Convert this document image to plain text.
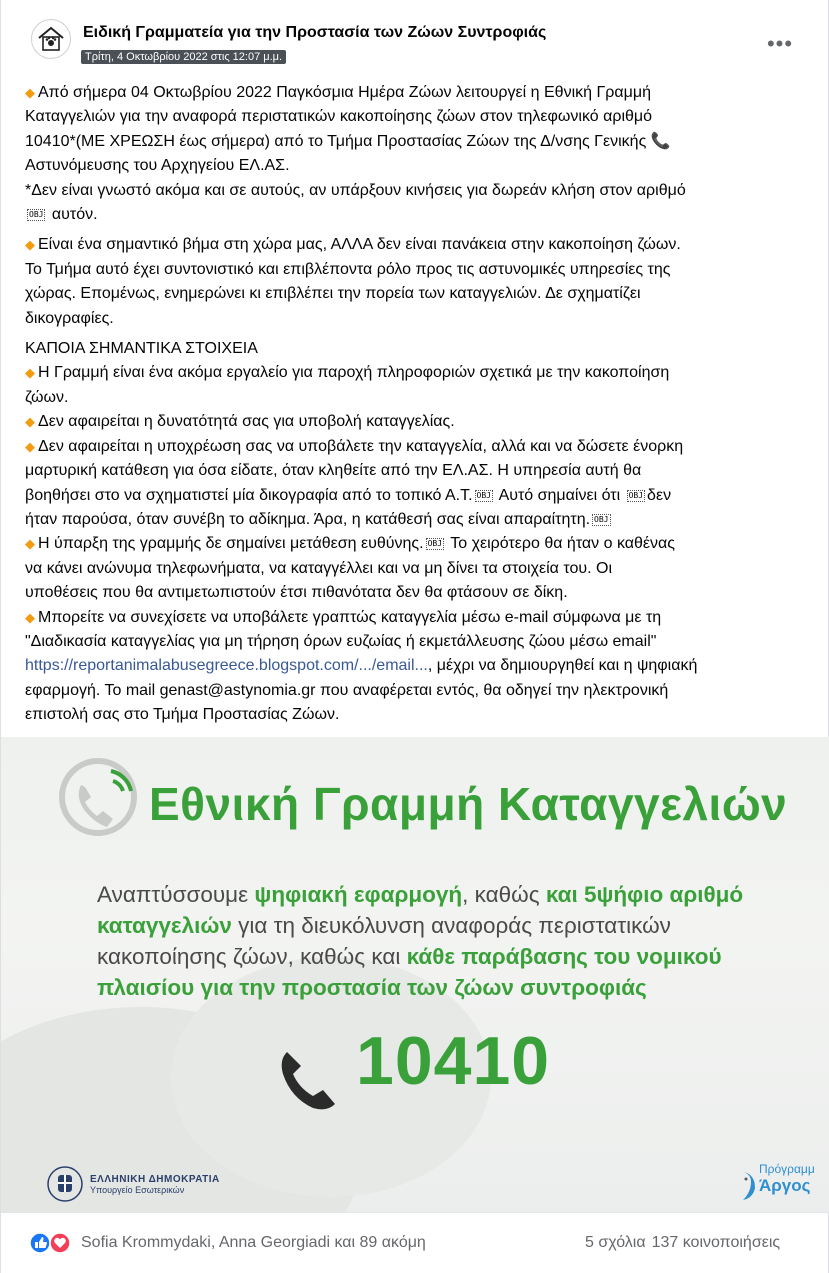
Ειδική Γραμματεία για την Προστασία των Ζώων Συντροφιάς
Τρίτη, 4 Οκτωβρίου 2022 στις 12:07 μ.μ.
•••
◆ Από σήμερα 04 Οκτωβρίου 2022 Παγκόσμια Ημέρα Ζώων λειτουργεί η Εθνική Γραμμή
Καταγγελιών για την αναφορά περιστατικών κακοποίησης ζώων στον τηλεφωνικό αριθμό
10410*(ΜΕ ΧΡΕΩΣΗ έως σήμερα) από το Τμήμα Προστασίας Ζώων της Δ/νσης Γενικής 📞
Αστυνόμευσης του Αρχηγείου ΕΛ.ΑΣ.
*Δεν είναι γνωστό ακόμα και σε αυτούς, αν υπάρξουν κινήσεις για δωρεάν κλήση στον αριθμό
OBJ αυτόν.
◆ Είναι ένα σημαντικό βήμα στη χώρα μας, ΑΛΛΑ δεν είναι πανάκεια στην κακοποίηση ζώων.
Το Τμήμα αυτό έχει συντονιστικό και επιβλέποντα ρόλο προς τις αστυνομικές υπηρεσίες της
χώρας. Επομένως, ενημερώνει κι επιβλέπει την πορεία των καταγγελιών. Δε σχηματίζει
δικογραφίες.
ΚΑΠΟΙΑ ΣΗΜΑΝΤΙΚΑ ΣΤΟΙΧΕΙΑ
◆ Η Γραμμή είναι ένα ακόμα εργαλείο για παροχή πληροφοριών σχετικά με την κακοποίηση
ζώων.
◆ Δεν αφαιρείται η δυνατότητά σας για υποβολή καταγγελίας.
◆ Δεν αφαιρείται η υποχρέωση σας να υποβάλετε την καταγγελία, αλλά και να δώσετε ένορκη
μαρτυρική κατάθεση για όσα είδατε, όταν κληθείτε από την ΕΛ.ΑΣ. Η υπηρεσία αυτή θα
βοηθήσει στο να σχηματιστεί μία δικογραφία από το τοπικό Α.Τ. OBJ Αυτό σημαίνει ότι OBJ δεν
ήταν παρούσα, όταν συνέβη το αδίκημα. Άρα, η κατάθεσή σας είναι απαραίτητη. OBJ
◆ Η ύπαρξη της γραμμής δε σημαίνει μετάθεση ευθύνης. OBJ Το χειρότερο θα ήταν ο καθένας
να κάνει ανώνυμα τηλεφωνήματα, να καταγγέλλει και να μη δίνει τα στοιχεία του. Οι
υποθέσεις που θα αντιμετωπιστούν έτσι πιθανότατα δεν θα φτάσουν σε δίκη.
◆ Μπορείτε να συνεχίσετε να υποβάλετε γραπτώς καταγγελία μέσω e-mail σύμφωνα με τη
"Διαδικασία καταγγελίας για μη τήρηση όρων ευζωίας ή εκμετάλλευσης ζώου μέσω email"
https://reportanimalabusegreece.blogspot.com/.../email..., μέχρι να δημιουργηθεί και η ψηφιακή
εφαρμογή. Το mail genast@astynomia.gr που αναφέρεται εντός, θα οδηγεί την ηλεκτρονική
επιστολή σας στο Τμήμα Προστασίας Ζώων.
Εθνική Γραμμή Καταγγελιών
Αναπτύσσουμε ψηφιακή εφαρμογή, καθώς και 5ψήφιο αριθμό
καταγγελιών για τη διευκόλυνση αναφοράς περιστατικών
κακοποίησης ζώων, καθώς και κάθε παράβασης του νομικού
πλαισίου για την προστασία των ζώων συντροφιάς
10410
ΕΛΛΗΝΙΚΗ ΔΗΜΟΚΡΑΤΙΑ
Υπουργείο Εσωτερικών
Πρόγραμμ
Άργος
Sofia Krommydaki, Anna Georgiadi και 89 ακόμη	5 σχόλια 137 κοινοποιήσεις
